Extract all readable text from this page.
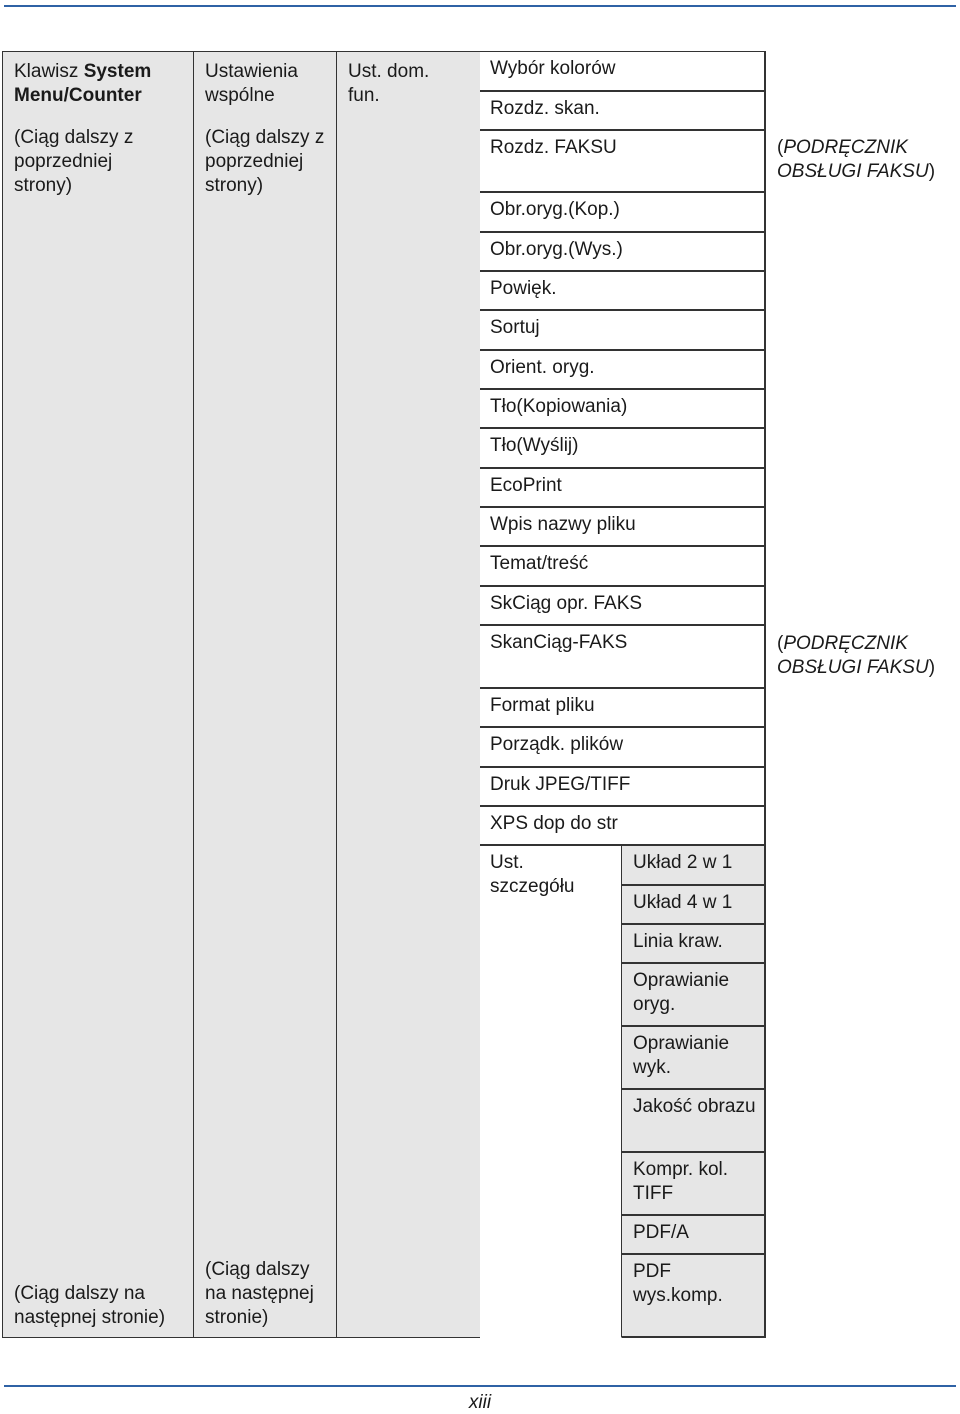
Klawisz System Menu/Counter
(Ciąg dalszy z poprzedniej strony)
(Ciąg dalszy na następnej stronie)
Ustawienia wspólne
(Ciąg dalszy z poprzedniej strony)
(Ciąg dalszy na następnej stronie)
Ust. dom. fun.
Wybór kolorów
Rozdz. skan.
Rozdz. FAKSU
Obr.oryg.(Kop.)
Obr.oryg.(Wys.)
Powięk.
Sortuj
Orient. oryg.
Tło(Kopiowania)
Tło(Wyślij)
EcoPrint
Wpis nazwy pliku
Temat/treść
SkCiąg opr. FAKS
SkanCiąg-FAKS
Format pliku
Porządk. plików
Druk JPEG/TIFF
XPS dop do str
Ust. szczegółu
Układ 2 w 1
Układ 4 w 1
Linia kraw.
Oprawianie oryg.
Oprawianie wyk.
Jakość obrazu
Kompr. kol. TIFF
PDF/A
PDF wys.komp.
(PODRĘCZNIK OBSŁUGI FAKSU)
(PODRĘCZNIK OBSŁUGI FAKSU)
xiii
